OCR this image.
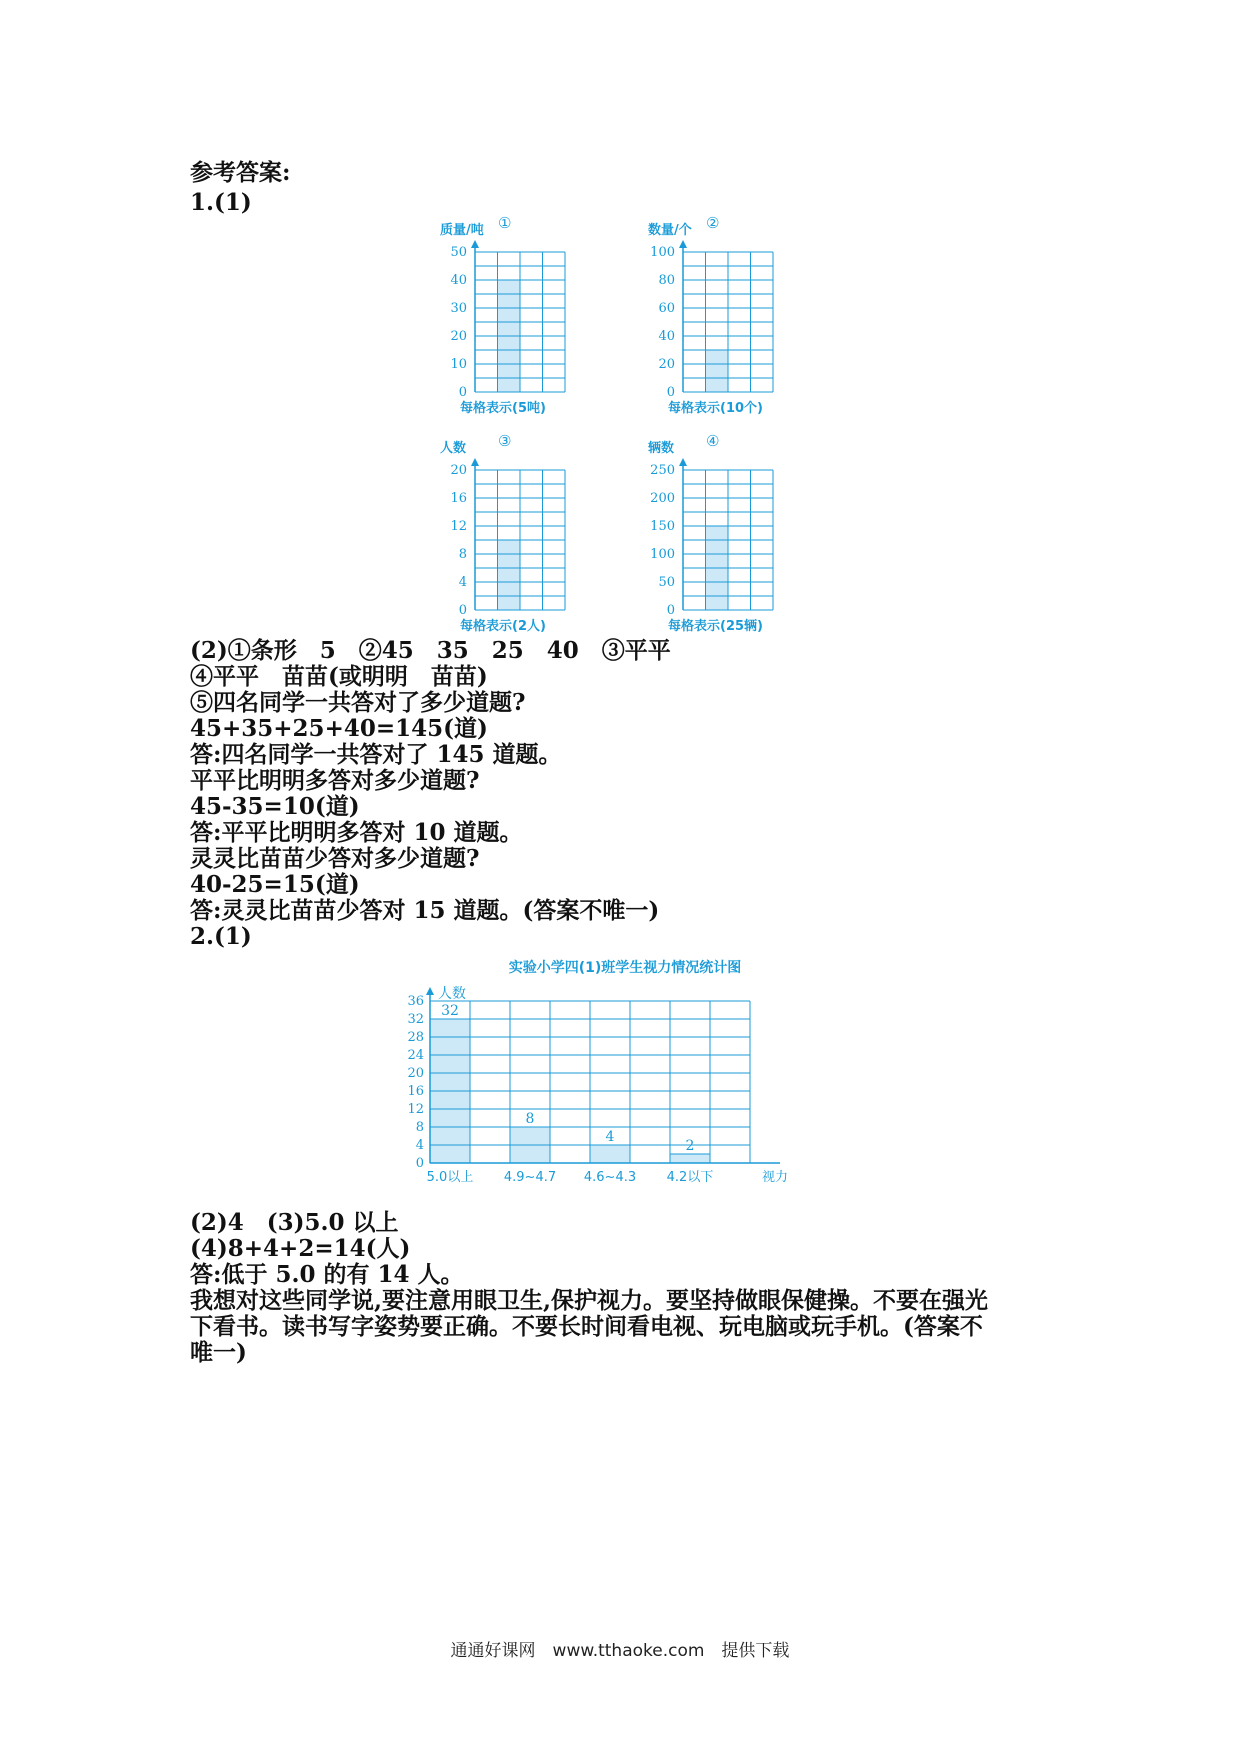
参考答案:
1.(1)
质量/吨 ①
0
10
20
30
40
50
每格表示(5吨)
数量/个 ②
0
20
40
60
80
100
每格表示(10个)
人数 ③
0
4
8
12
16
20
每格表示(2人)
辆数 ④
0
50
100
150
200
250
每格表示(25辆)
(2)①条形　5　②45　35　25　40　③平平
④平平　苗苗(或明明　苗苗)
⑤四名同学一共答对了多少道题?
45+35+25+40=145(道)
答:四名同学一共答对了 145 道题。
平平比明明多答对多少道题?
45-35=10(道)
答:平平比明明多答对 10 道题。
灵灵比苗苗少答对多少道题?
40-25=15(道)
答:灵灵比苗苗少答对 15 道题。(答案不唯一)
2.(1)
实验小学四(1)班学生视力情况统计图
人数
32
5.0以上
8
4.9~4.7
4
4.6~4.3
2
4.2以下
0
4
8
12
16
20
24
28
32
36
视力
(2)4　(3)5.0 以上
(4)8+4+2=14(人)
答:低于 5.0 的有 14 人。
我想对这些同学说,要注意用眼卫生,保护视力。要坚持做眼保健操。不要在强光
下看书。读书写字姿势要正确。不要长时间看电视、玩电脑或玩手机。(答案不
唯一)
通通好课网　www.tthaoke.com　提供下载
